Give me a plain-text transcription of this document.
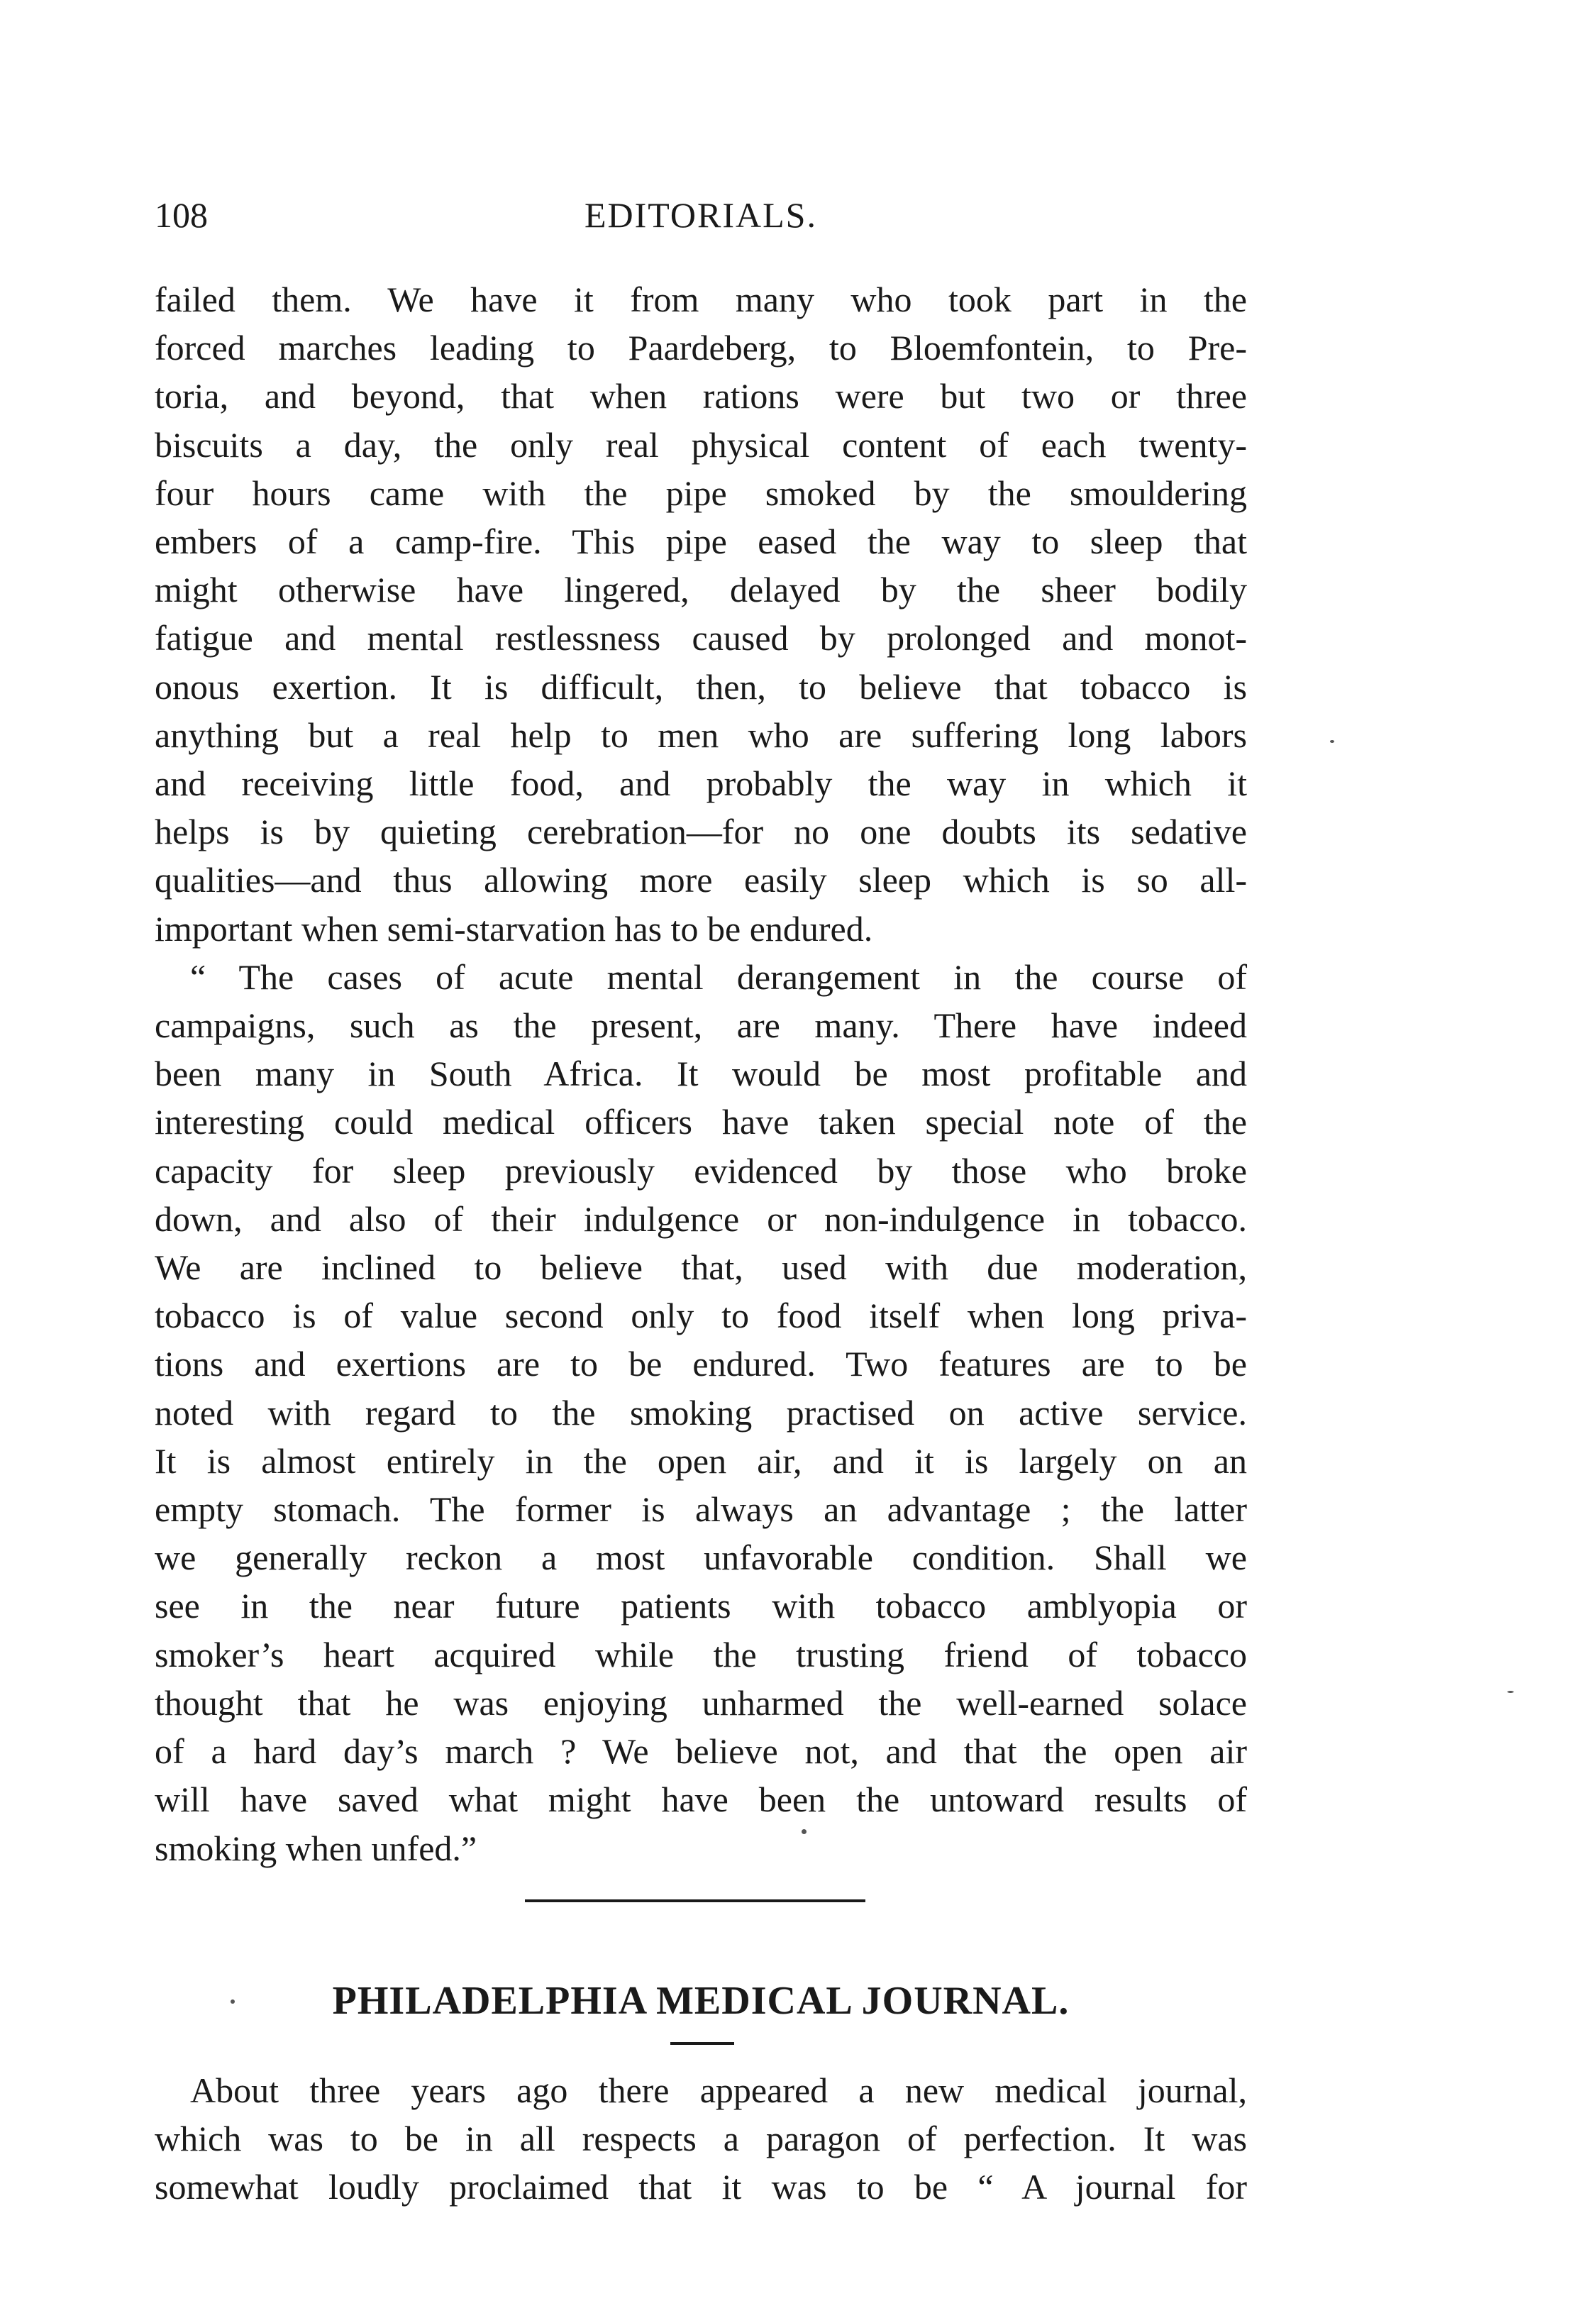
108	EDITORIALS.

failed them. We have it from many who took part in the
forced marches leading to Paardeberg, to Bloemfontein, to Pre-
toria, and beyond, that when rations were but two or three
biscuits a day, the only real physical content of each twenty-
four hours came with the pipe smoked by the smouldering
embers of a camp-fire. This pipe eased the way to sleep that
might otherwise have lingered, delayed by the sheer bodily
fatigue and mental restlessness caused by prolonged and monot-
onous exertion. It is difficult, then, to believe that tobacco is
anything but a real help to men who are suffering long labors
and receiving little food, and probably the way in which it
helps is by quieting cerebration—for no one doubts its sedative
qualities—and thus allowing more easily sleep which is so all-
important when semi-starvation has to be endured.

“ The cases of acute mental derangement in the course of
campaigns, such as the present, are many. There have indeed
been many in South Africa. It would be most profitable and
interesting could medical officers have taken special note of the
capacity for sleep previously evidenced by those who broke
down, and also of their indulgence or non-indulgence in tobacco.
We are inclined to believe that, used with due moderation,
tobacco is of value second only to food itself when long priva-
tions and exertions are to be endured. Two features are to be
noted with regard to the smoking practised on active service.
It is almost entirely in the open air, and it is largely on an
empty stomach. The former is always an advantage ; the latter
we generally reckon a most unfavorable condition. Shall we
see in the near future patients with tobacco amblyopia or
smoker’s heart acquired while the trusting friend of tobacco
thought that he was enjoying unharmed the well-earned solace
of a hard day’s march ? We believe not, and that the open air
will have saved what might have been the untoward results of
smoking when unfed.”

PHILADELPHIA MEDICAL JOURNAL.

About three years ago there appeared a new medical journal,
which was to be in all respects a paragon of perfection. It was
somewhat loudly proclaimed that it was to be “ A journal for
